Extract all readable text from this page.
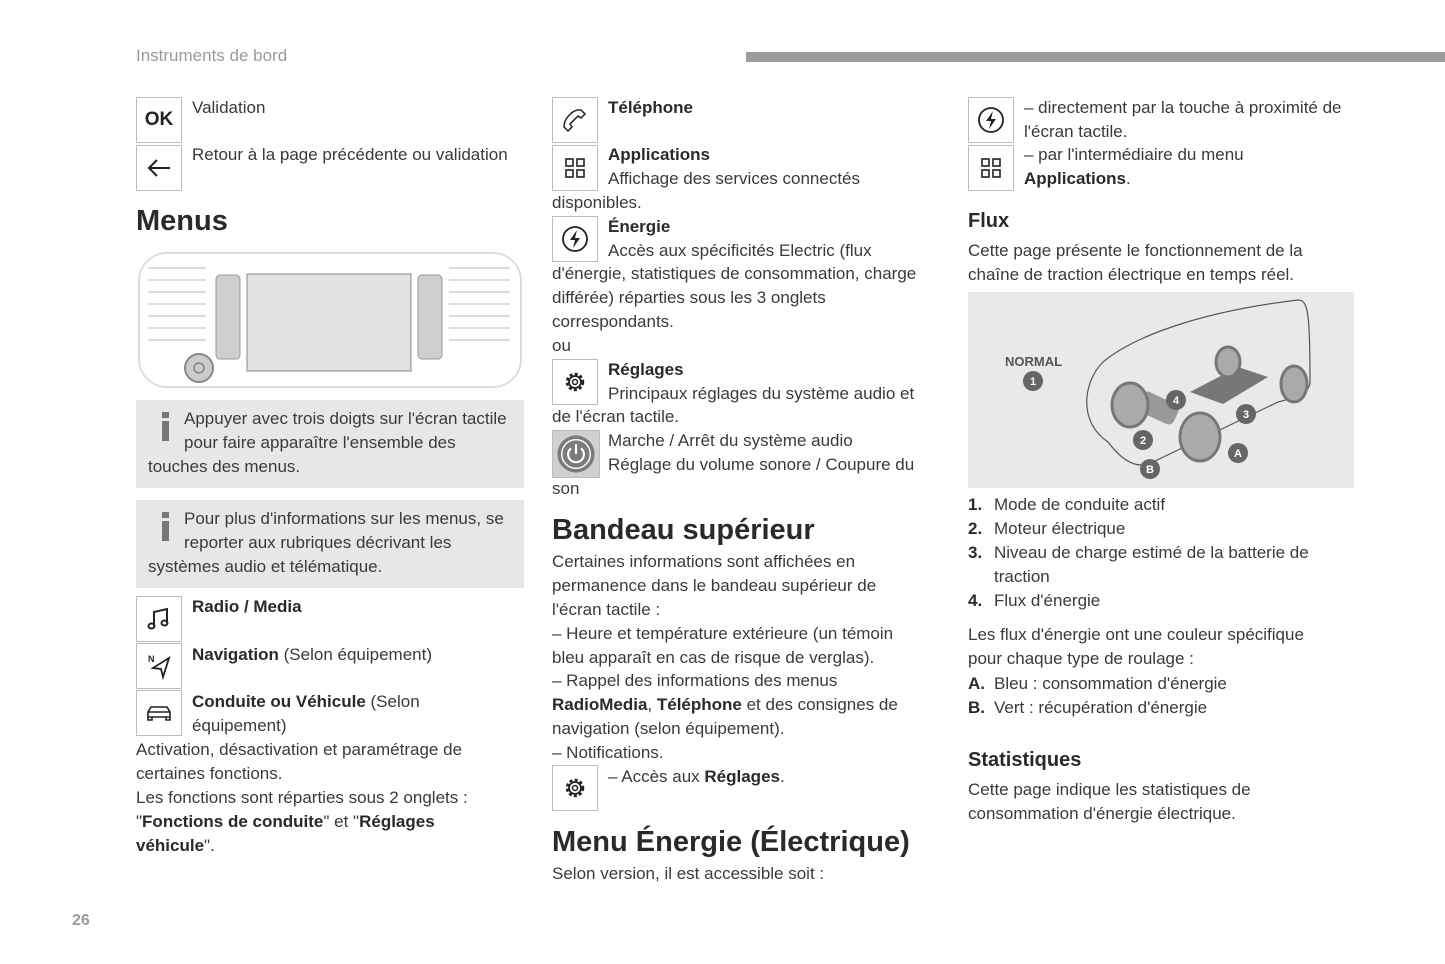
Instruments de bord
26
OK
Validation
Retour à la page précédente ou validation
Menus
Appuyer avec trois doigts sur l'écran tactile pour faire apparaître l'ensemble des touches des menus.
Pour plus d'informations sur les menus, se reporter aux rubriques décrivant les systèmes audio et télématique.
Radio / Media
N Navigation (Selon équipement)
Conduite ou Véhicule (Selon équipement)
Activation, désactivation et paramétrage de certaines fonctions.
Les fonctions sont réparties sous 2 onglets : "Fonctions de conduite" et "Réglages véhicule".
Téléphone
Applications
Affichage des services connectés
disponibles.
Énergie
Accès aux spécificités Electric (flux
d'énergie, statistiques de consommation, charge différée) réparties sous les 3 onglets correspondants.
ou
Réglages
Principaux réglages du système audio et
de l'écran tactile.
Marche / Arrêt du système audio
Réglage du volume sonore / Coupure du
son
Bandeau supérieur
Certaines informations sont affichées en permanence dans le bandeau supérieur de l'écran tactile :
– Heure et température extérieure (un témoin bleu apparaît en cas de risque de verglas).
– Rappel des informations des menus RadioMedia, Téléphone et des consignes de navigation (selon équipement).
– Notifications.
– Accès aux Réglages.
Menu Énergie (Électrique)
Selon version, il est accessible soit :
– directement par la touche à proximité de l'écran tactile.
– par l'intermédiaire du menu Applications.
Flux
Cette page présente le fonctionnement de la chaîne de traction électrique en temps réel.
NORMAL
1
2
3
4
A
B
1. Mode de conduite actif
2. Moteur électrique
3. Niveau de charge estimé de la batterie de traction
4. Flux d'énergie
Les flux d'énergie ont une couleur spécifique pour chaque type de roulage :
A. Bleu : consommation d'énergie
B. Vert : récupération d'énergie
Statistiques
Cette page indique les statistiques de consommation d'énergie électrique.
